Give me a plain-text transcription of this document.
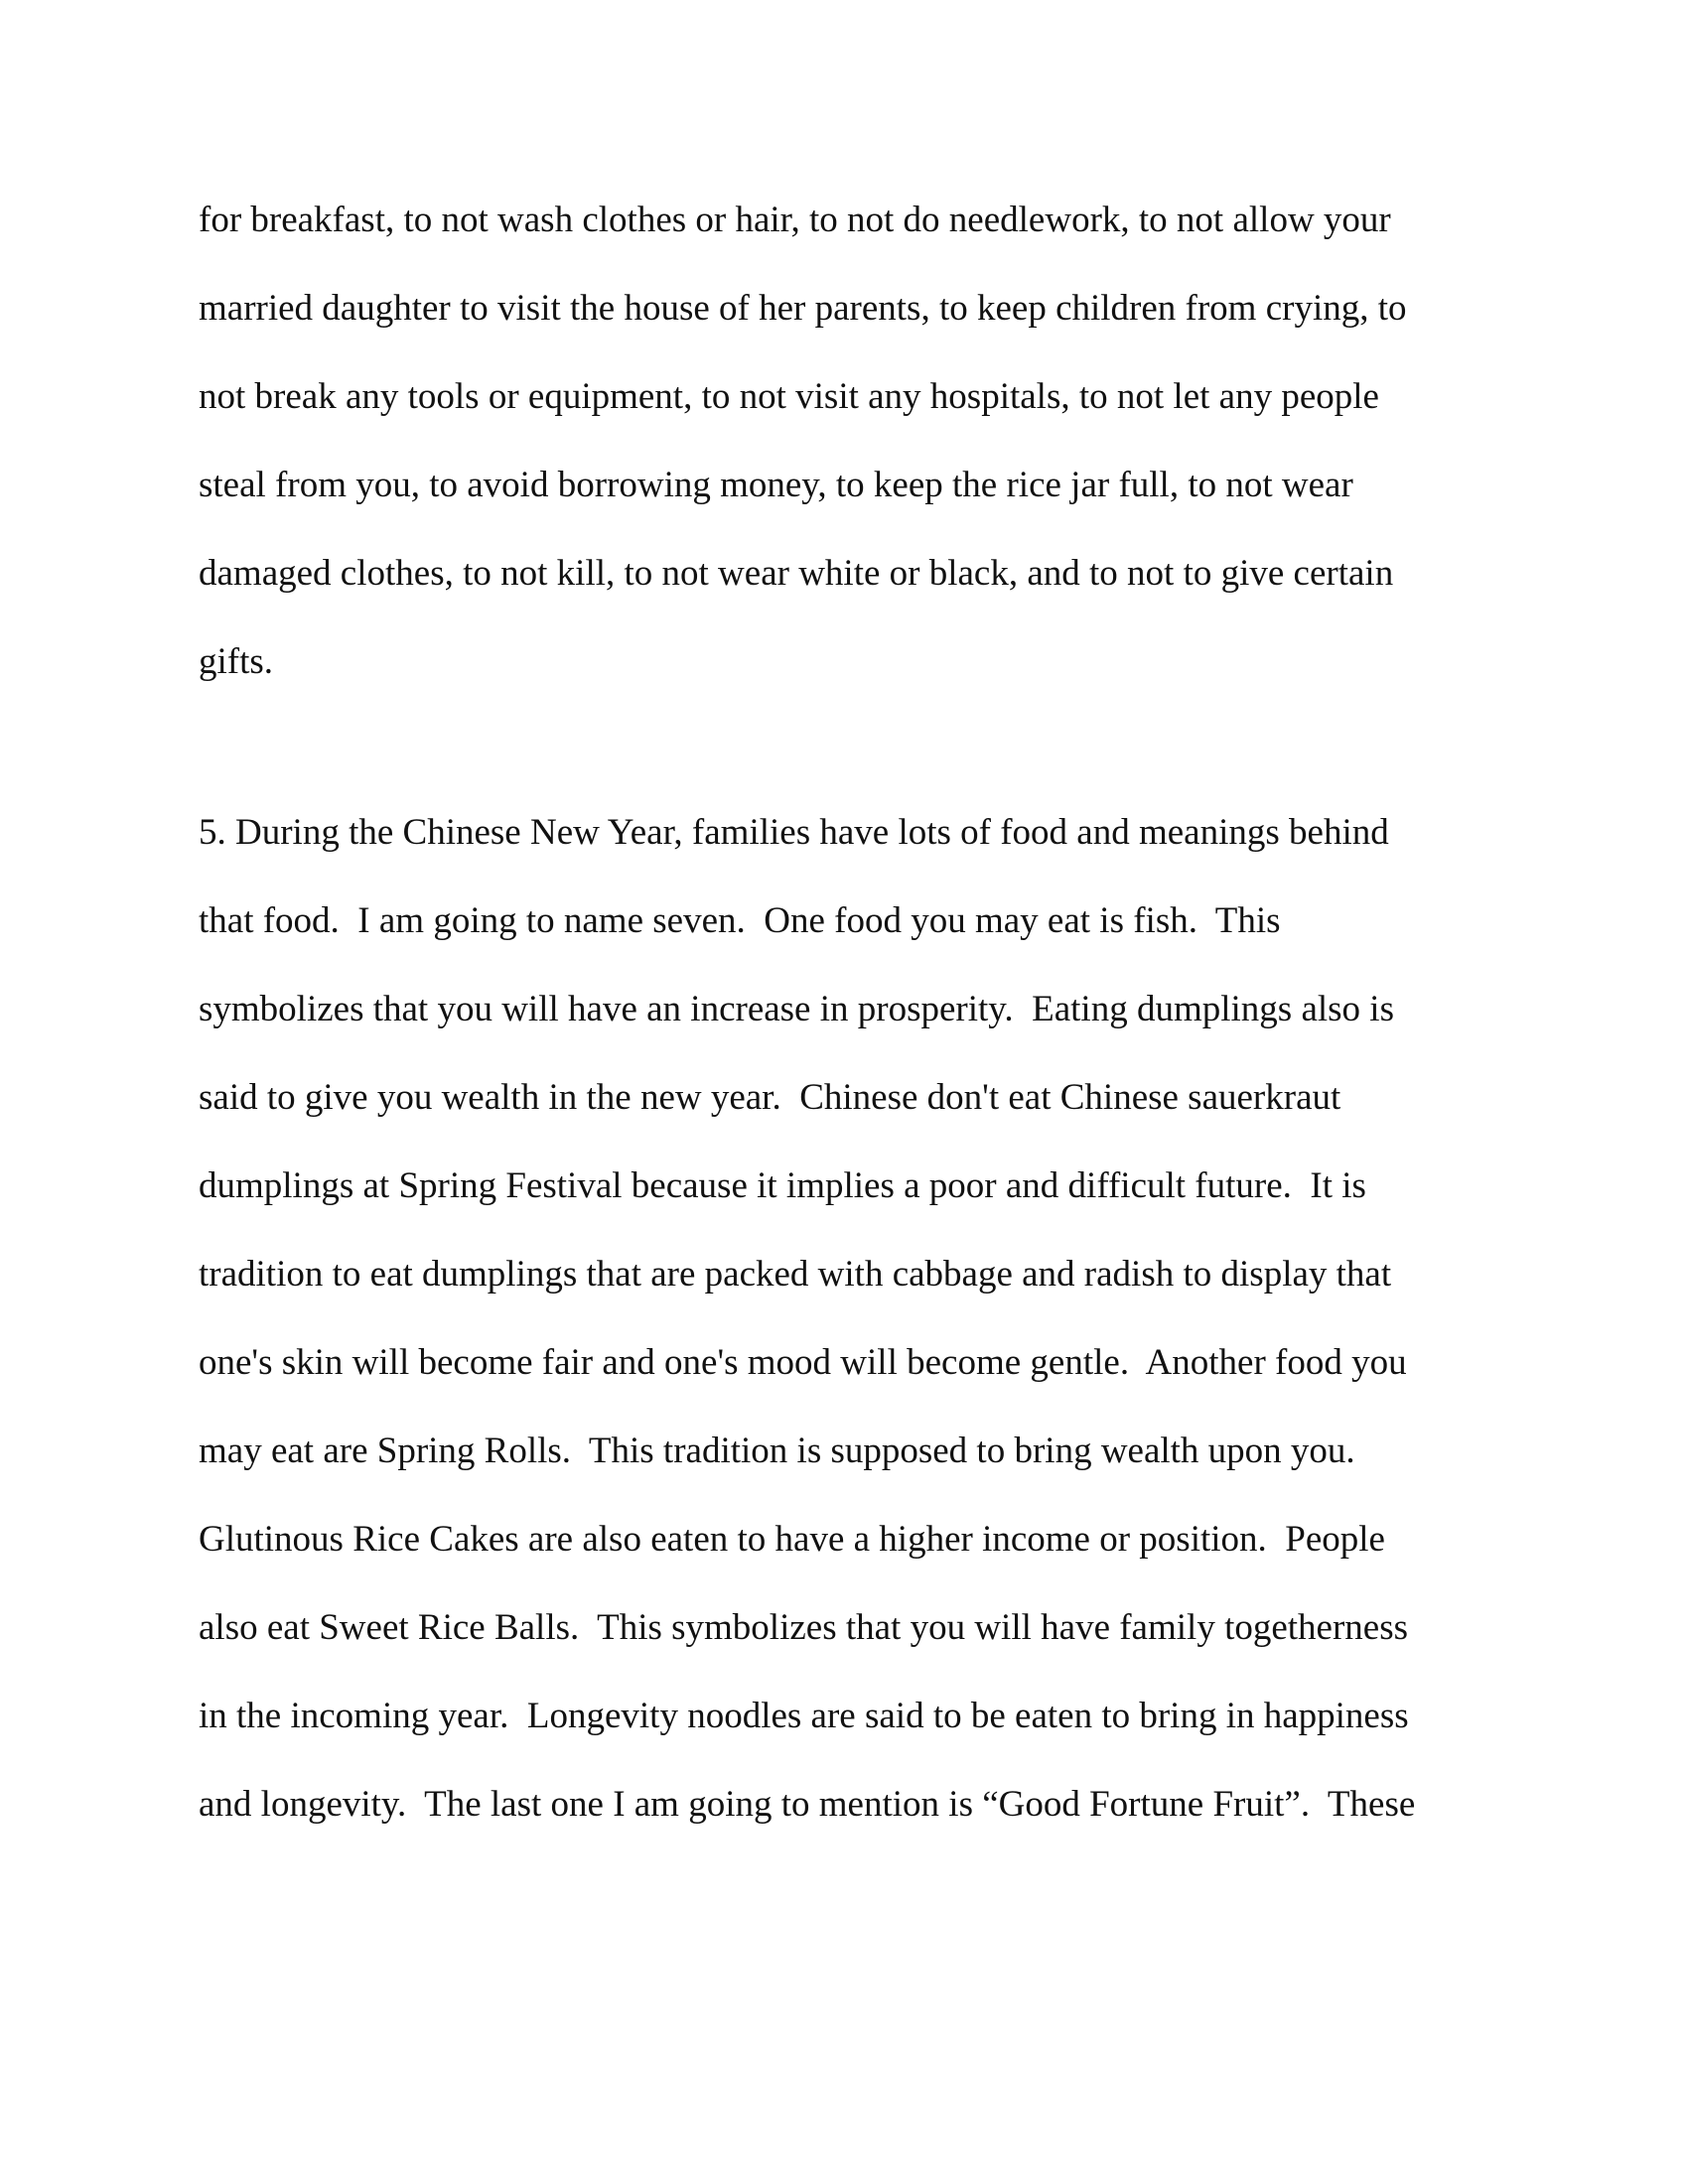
for breakfast, to not wash clothes or hair, to not do needlework, to not allow your
married daughter to visit the house of her parents, to keep children from crying, to
not break any tools or equipment, to not visit any hospitals, to not let any people
steal from you, to avoid borrowing money, to keep the rice jar full, to not wear
damaged clothes, to not kill, to not wear white or black, and to not to give certain
gifts.
5. During the Chinese New Year, families have lots of food and meanings behind
that food.  I am going to name seven.  One food you may eat is fish.  This
symbolizes that you will have an increase in prosperity.  Eating dumplings also is
said to give you wealth in the new year.  Chinese don't eat Chinese sauerkraut
dumplings at Spring Festival because it implies a poor and difficult future.  It is
tradition to eat dumplings that are packed with cabbage and radish to display that
one's skin will become fair and one's mood will become gentle.  Another food you
may eat are Spring Rolls.  This tradition is supposed to bring wealth upon you.
Glutinous Rice Cakes are also eaten to have a higher income or position.  People
also eat Sweet Rice Balls.  This symbolizes that you will have family togetherness
in the incoming year.  Longevity noodles are said to be eaten to bring in happiness
and longevity.  The last one I am going to mention is “Good Fortune Fruit”.  These
